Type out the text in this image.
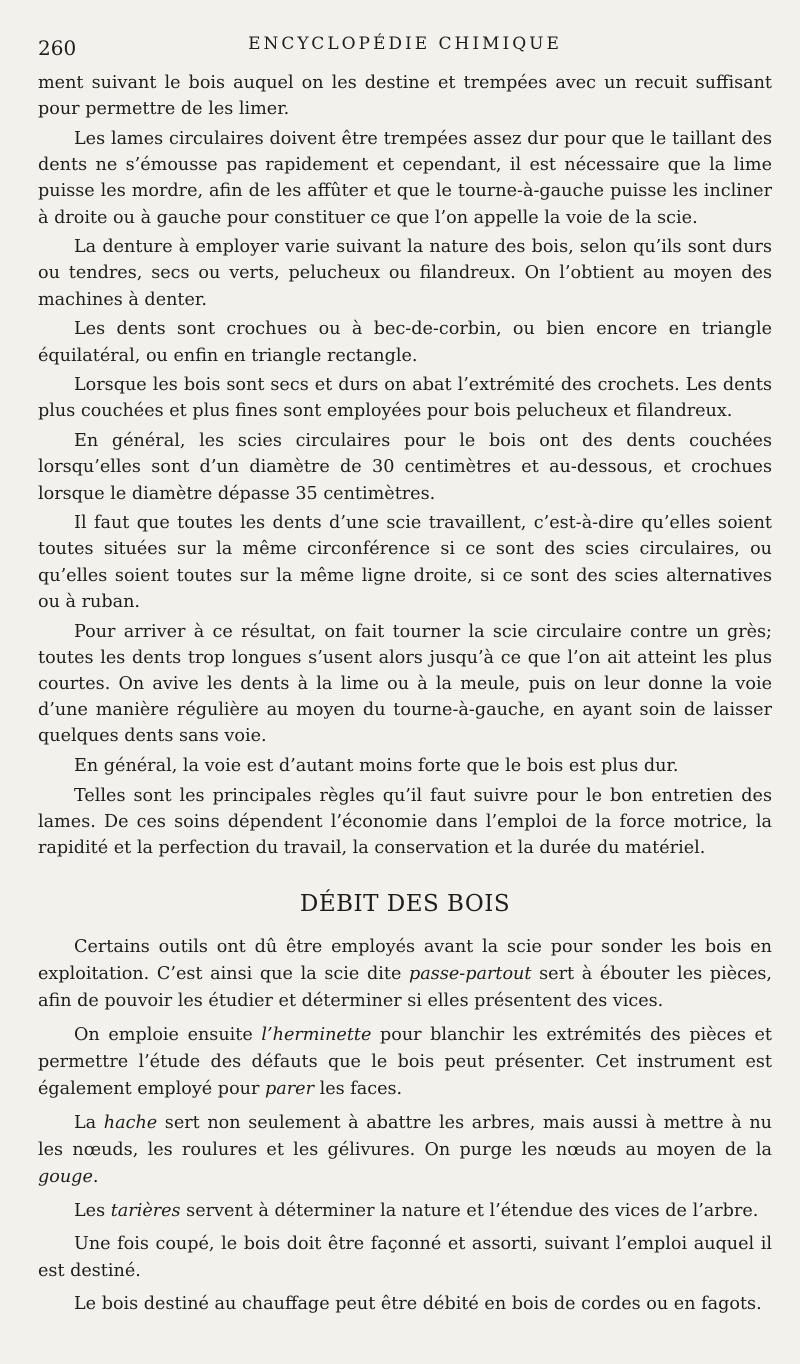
260	ENCYCLOPÉDIE CHIMIQUE

ment suivant le bois auquel on les destine et trempées avec un recuit suffisant pour permettre de les limer.

Les lames circulaires doivent être trempées assez dur pour que le taillant des dents ne s’émousse pas rapidement et cependant, il est nécessaire que la lime puisse les mordre, afin de les affûter et que le tourne-à-gauche puisse les incliner à droite ou à gauche pour constituer ce que l’on appelle la voie de la scie.

La denture à employer varie suivant la nature des bois, selon qu’ils sont durs ou tendres, secs ou verts, pelucheux ou filandreux. On l’obtient au moyen des machines à denter.

Les dents sont crochues ou à bec-de-corbin, ou bien encore en triangle équilatéral, ou enfin en triangle rectangle.

Lorsque les bois sont secs et durs on abat l’extrémité des crochets. Les dents plus couchées et plus fines sont employées pour bois pelucheux et filandreux.

En général, les scies circulaires pour le bois ont des dents couchées lorsqu’elles sont d’un diamètre de 30 centimètres et au-dessous, et crochues lorsque le diamètre dépasse 35 centimètres.

Il faut que toutes les dents d’une scie travaillent, c’est-à-dire qu’elles soient toutes situées sur la même circonférence si ce sont des scies circulaires, ou qu’elles soient toutes sur la même ligne droite, si ce sont des scies alternatives ou à ruban.

Pour arriver à ce résultat, on fait tourner la scie circulaire contre un grès; toutes les dents trop longues s’usent alors jusqu’à ce que l’on ait atteint les plus courtes. On avive les dents à la lime ou à la meule, puis on leur donne la voie d’une manière régulière au moyen du tourne-à-gauche, en ayant soin de laisser quelques dents sans voie.

En général, la voie est d’autant moins forte que le bois est plus dur.

Telles sont les principales règles qu’il faut suivre pour le bon entretien des lames. De ces soins dépendent l’économie dans l’emploi de la force motrice, la rapidité et la perfection du travail, la conservation et la durée du matériel.

DÉBIT DES BOIS

Certains outils ont dû être employés avant la scie pour sonder les bois en exploitation. C’est ainsi que la scie dite passe-partout sert à ébouter les pièces, afin de pouvoir les étudier et déterminer si elles présentent des vices.

On emploie ensuite l’herminette pour blanchir les extrémités des pièces et permettre l’étude des défauts que le bois peut présenter. Cet instrument est également employé pour parer les faces.

La hache sert non seulement à abattre les arbres, mais aussi à mettre à nu les nœuds, les roulures et les gélivures. On purge les nœuds au moyen de la gouge.

Les tarières servent à déterminer la nature et l’étendue des vices de l’arbre.

Une fois coupé, le bois doit être façonné et assorti, suivant l’emploi auquel il est destiné.

Le bois destiné au chauffage peut être débité en bois de cordes ou en fagots.
